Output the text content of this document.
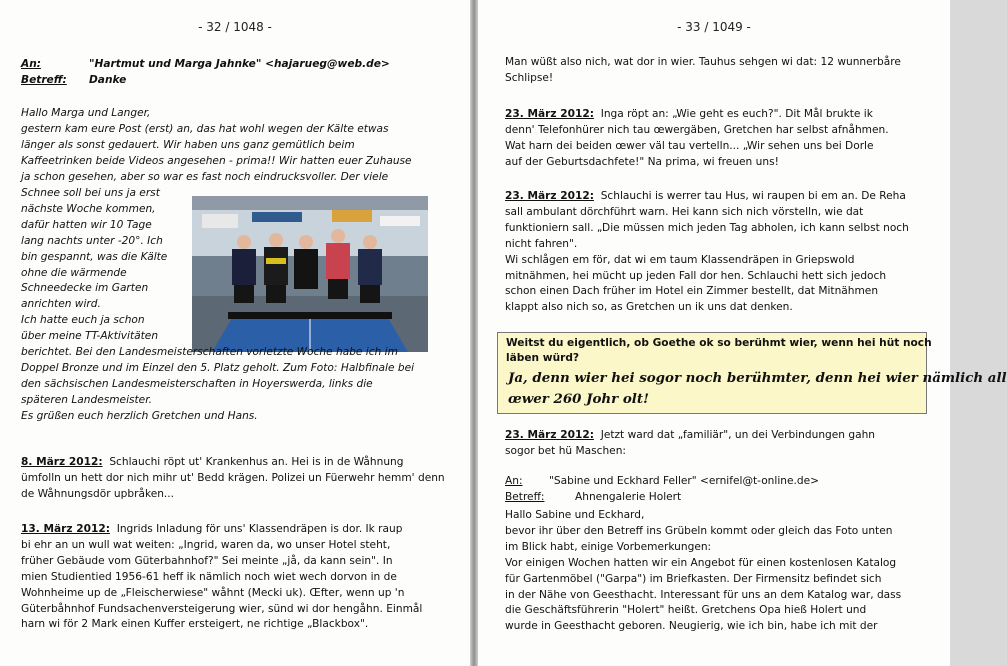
- 32 / 1048 -
An:	"Hartmut und Marga Jahnke" <hajarueg@web.de>
Betreff: Danke
Hallo Marga und Langer,
gestern kam eure Post (erst) an, das hat wohl wegen der Kälte etwas
länger als sonst gedauert. Wir haben uns ganz gemütlich beim
Kaffeetrinken beide Videos angesehen - prima!! Wir hatten euer Zuhause
ja schon gesehen, aber so war es fast noch eindrucksvoller. Der viele
Schnee soll bei uns ja erst
nächste Woche kommen,
dafür hatten wir 10 Tage
lang nachts unter -20°. Ich
bin gespannt, was die Kälte
ohne die wärmende
Schneedecke im Garten
anrichten wird.
Ich hatte euch ja schon
über meine TT-Aktivitäten
berichtet. Bei den Landesmeisterschaften vorletzte Woche habe ich im
Doppel Bronze und im Einzel den 5. Platz geholt. Zum Foto: Halbfinale bei
den sächsischen Landesmeisterschaften in Hoyerswerda, links die
späteren Landesmeister.
Es grüßen euch herzlich Gretchen und Hans.
8. März 2012: Schlauchi röpt ut' Krankenhus an. Hei is in de Wåhnung
ümfolln un hett dor nich mihr ut' Bedd krägen. Polizei un Füerwehr hemm' denn
de Wåhnungsdör upbråken...
13. März 2012: Ingrids Inladung för uns' Klassendräpen is dor. Ik raup
bi ehr an un wull wat weiten: „Ingrid, waren da, wo unser Hotel steht,
früher Gebäude vom Güterbahnhof?" Sei meinte „jå, da kann sein". In
mien Studientied 1956-61 heff ik nämlich noch wiet wech dorvon in de
Wohnheime up de „Fleischerwiese" wåhnt (Mecki uk). Œfter, wenn up 'n
Güterbåhnhof Fundsachenversteigerung wier, sünd wi dor hengåhn. Einmål
harn wi för 2 Mark einen Kuffer ersteigert, ne richtige „Blackbox".
- 33 / 1049 -
Man wüßt also nich, wat dor in wier. Tauhus sehgen wi dat: 12 wunnerbåre
Schlipse!
23. März 2012: Inga röpt an: „Wie geht es euch?". Dit Mål brukte ik
denn' Telefonhürer nich tau œwergäben, Gretchen har selbst afnåhmen.
Wat harn dei beiden œwer väl tau vertelln... „Wir sehen uns bei Dorle
auf der Geburtsdachfete!" Na prima, wi freuen uns!
23. März 2012: Schlauchi is werrer tau Hus, wi raupen bi em an. De Reha
sall ambulant dörchführt warn. Hei kann sich nich vörstelln, wie dat
funktioniern sall. „Die müssen mich jeden Tag abholen, ich kann selbst noch
nicht fahren".
Wi schlågen em för, dat wi em taum Klassendräpen in Griepswold
mitnähmen, hei mücht up jeden Fall dor hen. Schlauchi hett sich jedoch
schon einen Dach früher im Hotel ein Zimmer bestellt, dat Mitnähmen
klappt also nich so, as Gretchen un ik uns dat denken.
23. März 2012: Jetzt ward dat „familiär", un dei Verbindungen gahn
sogor bet hü Maschen:
An: "Sabine und Eckhard Feller" <ernifel@t-online.de>
Betreff:	Ahnengalerie Holert
Hallo Sabine und Eckhard,
bevor ihr über den Betreff ins Grübeln kommt oder gleich das Foto unten
im Blick habt, einige Vorbemerkungen:
Vor einigen Wochen hatten wir ein Angebot für einen kostenlosen Katalog
für Gartenmöbel ("Garpa") im Briefkasten. Der Firmensitz befindet sich
in der Nähe von Geesthacht. Interessant für uns an dem Katalog war, dass
die Geschäftsführerin "Holert" heißt. Gretchens Opa hieß Holert und
wurde in Geesthacht geboren. Neugierig, wie ich bin, habe ich mit der
Weitst du eigentlich, ob Goethe ok so berühmt wier, wenn hei hüt noch
läben würd?
Ja, denn wier hei sogor noch berühmter, denn hei wier nämlich all
œwer 260 Johr olt!
